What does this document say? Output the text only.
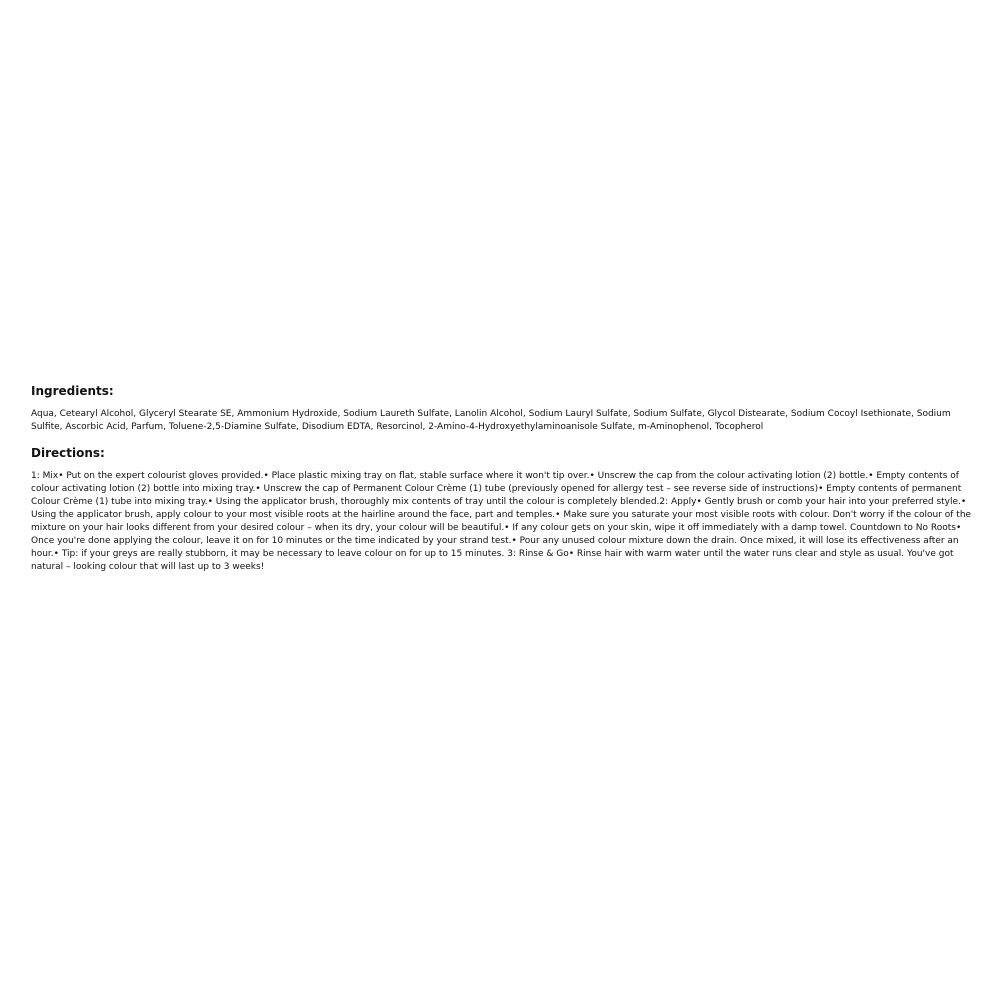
Ingredients:

Aqua, Cetearyl Alcohol, Glyceryl Stearate SE, Ammonium Hydroxide, Sodium Laureth Sulfate, Lanolin Alcohol, Sodium Lauryl Sulfate, Sodium Sulfate, Glycol Distearate, Sodium Cocoyl Isethionate, Sodium Sulfite, Ascorbic Acid, Parfum, Toluene-2,5-Diamine Sulfate, Disodium EDTA, Resorcinol, 2-Amino-4-Hydroxyethylaminoanisole Sulfate, m-Aminophenol, Tocopherol

Directions:

1: Mix• Put on the expert colourist gloves provided.• Place plastic mixing tray on flat, stable surface where it won't tip over.• Unscrew the cap from the colour activating lotion (2) bottle.• Empty contents of colour activating lotion (2) bottle into mixing tray.• Unscrew the cap of Permanent Colour Crème (1) tube (previously opened for allergy test – see reverse side of instructions)• Empty contents of permanent Colour Crème (1) tube into mixing tray.• Using the applicator brush, thoroughly mix contents of tray until the colour is completely blended.2: Apply• Gently brush or comb your hair into your preferred style.• Using the applicator brush, apply colour to your most visible roots at the hairline around the face, part and temples.• Make sure you saturate your most visible roots with colour. Don't worry if the colour of the mixture on your hair looks different from your desired colour – when its dry, your colour will be beautiful.• If any colour gets on your skin, wipe it off immediately with a damp towel. Countdown to No Roots• Once you're done applying the colour, leave it on for 10 minutes or the time indicated by your strand test.• Pour any unused colour mixture down the drain. Once mixed, it will lose its effectiveness after an hour.• Tip: if your greys are really stubborn, it may be necessary to leave colour on for up to 15 minutes. 3: Rinse & Go• Rinse hair with warm water until the water runs clear and style as usual. You've got natural – looking colour that will last up to 3 weeks!
